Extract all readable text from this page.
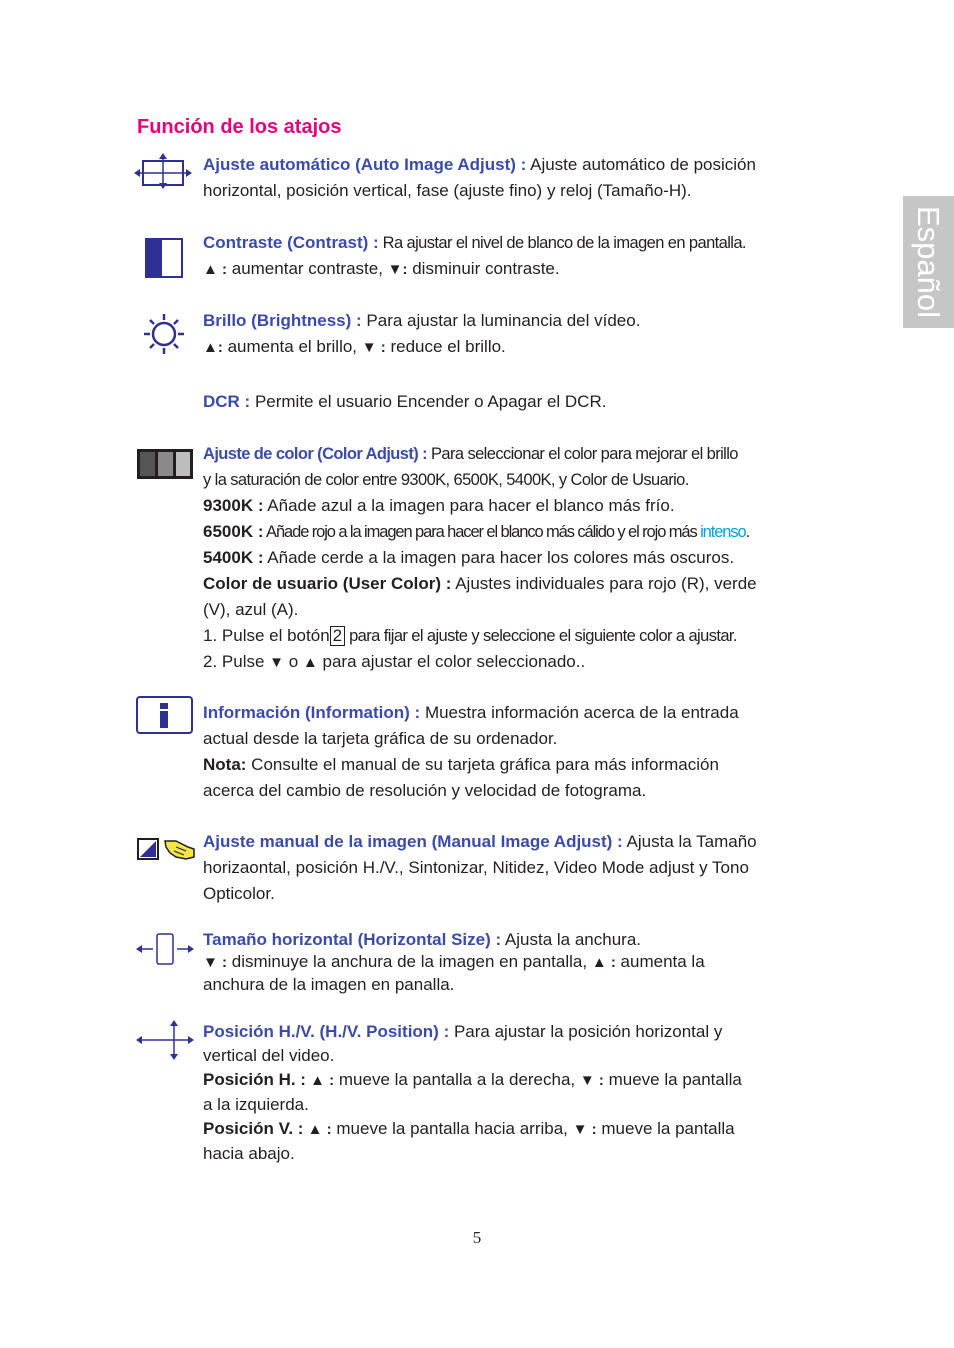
Función de los atajos
Español
Ajuste automático (Auto Image Adjust) : Ajuste automático de posición
horizontal, posición vertical, fase (ajuste fino) y reloj (Tamaño-H).
Contraste (Contrast) : Ra ajustar el nivel de blanco de la imagen en pantalla.
▲ : aumentar contraste, ▼: disminuir contraste.
Brillo (Brightness) : Para ajustar la luminancia del vídeo.
▲: aumenta el brillo, ▼ : reduce el brillo.
DCR : Permite el usuario Encender o Apagar el DCR.
Ajuste de color (Color Adjust) : Para seleccionar el color para mejorar el brillo
y la saturación de color entre 9300K, 6500K, 5400K, y Color de Usuario.
9300K : Añade azul a la imagen para hacer el blanco más frío.
6500K : Añade rojo a la imagen para hacer el blanco más cálido y el rojo más intenso.
5400K : Añade cerde a la imagen para hacer los colores más oscuros.
Color de usuario (User Color) : Ajustes individuales para rojo (R), verde
(V), azul (A).
1. Pulse el botón 2 para fijar el ajuste y seleccione el siguiente color a ajustar.
2. Pulse ▼ o ▲ para ajustar el color seleccionado..
Información (Information) : Muestra información acerca de la entrada
actual desde la tarjeta gráfica de su ordenador.
Nota: Consulte el manual de su tarjeta gráfica para más información
acerca del cambio de resolución y velocidad de fotograma.
Ajuste manual de la imagen (Manual Image Adjust) : Ajusta la Tamaño
horizaontal, posición H./V., Sintonizar, Nitidez, Video Mode adjust y Tono
Opticolor.
Tamaño horizontal (Horizontal Size) : Ajusta la anchura.
▼ : disminuye la anchura de la imagen en pantalla, ▲ : aumenta la
anchura de la imagen en panalla.
Posición H./V. (H./V. Position) : Para ajustar la posición horizontal y
vertical del video.
Posición H. : ▲ : mueve la pantalla a la derecha, ▼ : mueve la pantalla
a la izquierda.
Posición V. : ▲ : mueve la pantalla hacia arriba, ▼ : mueve la pantalla
hacia abajo.
5
